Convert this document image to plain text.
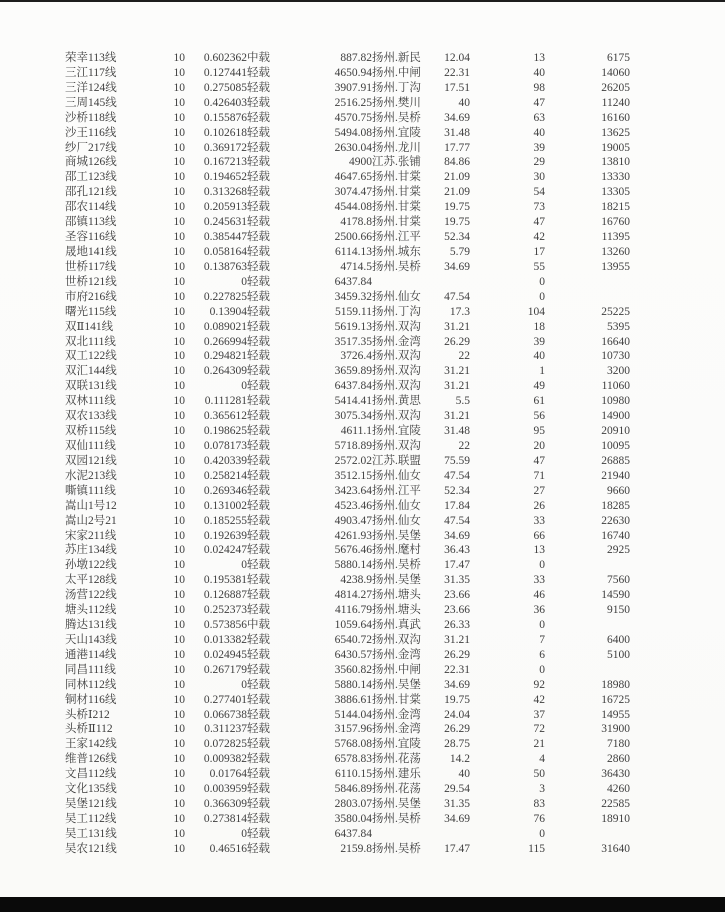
荣幸113线	10	0.602362	中载	887.82	扬州.新民	12.04	13	6175
三江117线	10	0.127441	轻载	4650.94	扬州.中闸	22.31	40	14060
三洋124线	10	0.275085	轻载	3907.91	扬州.丁沟	17.51	98	26205
三周145线	10	0.426403	轻载	2516.25	扬州.樊川	40	47	11240
沙桥118线	10	0.155876	轻载	4570.75	扬州.吴桥	34.69	63	16160
沙王116线	10	0.102618	轻载	5494.08	扬州.宜陵	31.48	40	13625
纱厂217线	10	0.369172	轻载	2630.04	扬州.龙川	17.77	39	19005
商城126线	10	0.167213	轻载	4900	江苏.张铺	84.86	29	13810
邵工123线	10	0.194652	轻载	4647.65	扬州.甘棠	21.09	30	13330
邵孔121线	10	0.313268	轻载	3074.47	扬州.甘棠	21.09	54	13305
邵农114线	10	0.205913	轻载	4544.08	扬州.甘棠	19.75	73	18215
邵镇113线	10	0.245631	轻载	4178.8	扬州.甘棠	19.75	47	16760
圣容116线	10	0.385447	轻载	2500.66	扬州.江平	52.34	42	11395
晟地141线	10	0.058164	轻载	6114.13	扬州.城东	5.79	17	13260
世桥117线	10	0.138763	轻载	4714.5	扬州.吴桥	34.69	55	13955
世桥121线	10	0	轻载	6437.84			0	
市府216线	10	0.227825	轻载	3459.32	扬州.仙女	47.54	0	
曙光115线	10	0.13904	轻载	5159.11	扬州.丁沟	17.3	104	25225
双Ⅱ141线	10	0.089021	轻载	5619.13	扬州.双沟	31.21	18	5395
双北111线	10	0.266994	轻载	3517.35	扬州.金湾	26.29	39	16640
双工122线	10	0.294821	轻载	3726.4	扬州.双沟	22	40	10730
双汇144线	10	0.264309	轻载	3659.89	扬州.双沟	31.21	1	3200
双联131线	10	0	轻载	6437.84	扬州.双沟	31.21	49	11060
双林111线	10	0.111281	轻载	5414.41	扬州.黄思	5.5	61	10980
双农133线	10	0.365612	轻载	3075.34	扬州.双沟	31.21	56	14900
双桥115线	10	0.198625	轻载	4611.1	扬州.宜陵	31.48	95	20910
双仙111线	10	0.078173	轻载	5718.89	扬州.双沟	22	20	10095
双园121线	10	0.420339	轻载	2572.02	江苏.联盟	75.59	47	26885
水泥213线	10	0.258214	轻载	3512.15	扬州.仙女	47.54	71	21940
嘶镇111线	10	0.269346	轻载	3423.64	扬州.江平	52.34	27	9660
嵩山1号12	10	0.131002	轻载	4523.46	扬州.仙女	17.84	26	18285
嵩山2号21	10	0.185255	轻载	4903.47	扬州.仙女	47.54	33	22630
宋家211线	10	0.192639	轻载	4261.93	扬州.吴堡	34.69	66	16740
苏庄134线	10	0.024247	轻载	5676.46	扬州.麾村	36.43	13	2925
孙墩122线	10	0	轻载	5880.14	扬州.吴桥	17.47	0	
太平128线	10	0.195381	轻载	4238.9	扬州.吴堡	31.35	33	7560
汤营122线	10	0.126887	轻载	4814.27	扬州.塘头	23.66	46	14590
塘头112线	10	0.252373	轻载	4116.79	扬州.塘头	23.66	36	9150
腾达131线	10	0.573856	中载	1059.64	扬州.真武	26.33	0	
天山143线	10	0.013382	轻载	6540.72	扬州.双沟	31.21	7	6400
通港114线	10	0.024945	轻载	6430.57	扬州.金湾	26.29	6	5100
同昌111线	10	0.267179	轻载	3560.82	扬州.中闸	22.31	0	
同林112线	10	0	轻载	5880.14	扬州.吴堡	34.69	92	18980
铜材116线	10	0.277401	轻载	3886.61	扬州.甘棠	19.75	42	16725
头桥Ⅰ212	10	0.066738	轻载	5144.04	扬州.金湾	24.04	37	14955
头桥Ⅱ112	10	0.311237	轻载	3157.96	扬州.金湾	26.29	72	31900
王家142线	10	0.072825	轻载	5768.08	扬州.宜陵	28.75	21	7180
维普126线	10	0.009382	轻载	6578.83	扬州.花荡	14.2	4	2860
文昌112线	10	0.01764	轻载	6110.15	扬州.建乐	40	50	36430
文化135线	10	0.003959	轻载	5846.89	扬州.花荡	29.54	3	4260
吴堡121线	10	0.366309	轻载	2803.07	扬州.吴堡	31.35	83	22585
吴工112线	10	0.273814	轻载	3580.04	扬州.吴桥	34.69	76	18910
吴工131线	10	0	轻载	6437.84			0	
吴农121线	10	0.46516	轻载	2159.8	扬州.吴桥	17.47	115	31640
